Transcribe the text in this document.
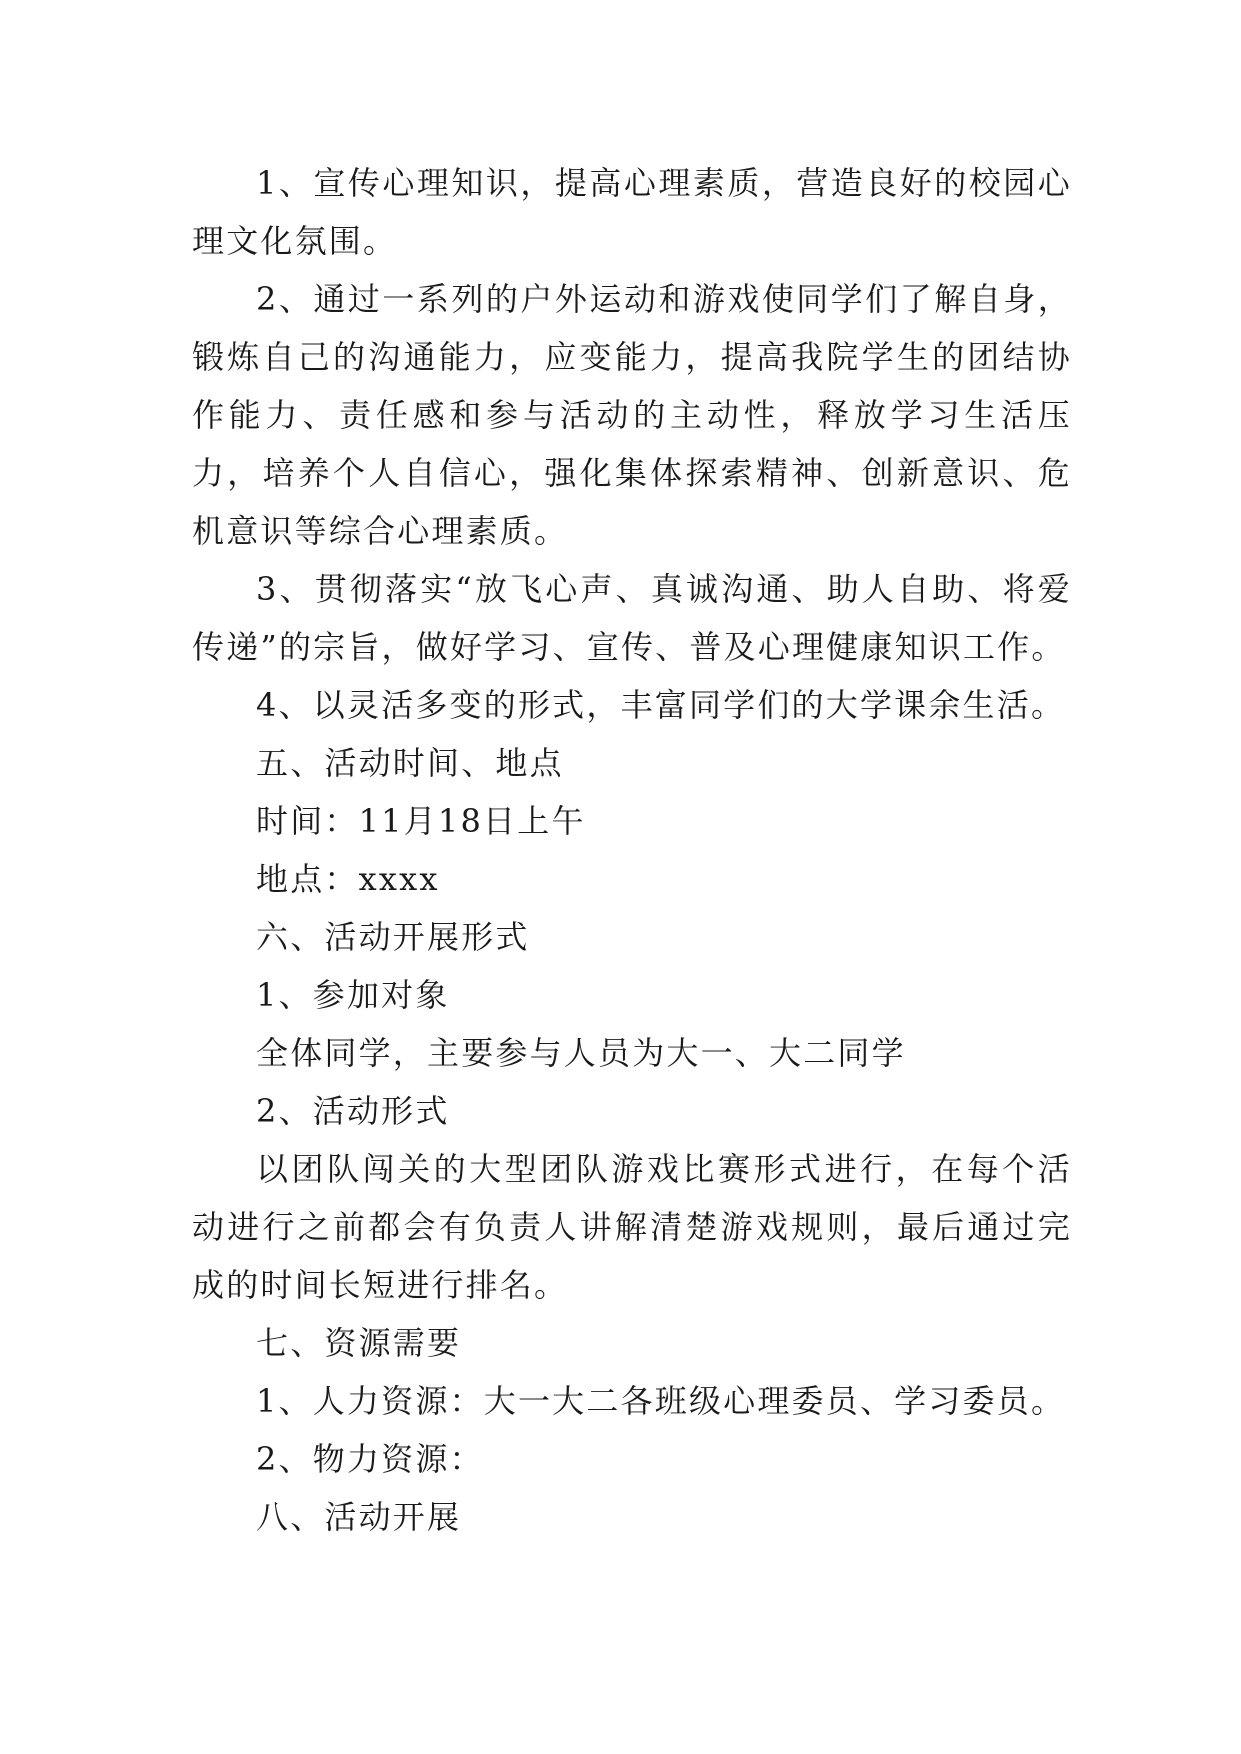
1、宣传心理知识，提高心理素质，营造良好的校园心理文化氛围。

2、通过一系列的户外运动和游戏使同学们了解自身，锻炼自己的沟通能力，应变能力，提高我院学生的团结协作能力、责任感和参与活动的主动性，释放学习生活压力，培养个人自信心，强化集体探索精神、创新意识、危机意识等综合心理素质。

3、贯彻落实“放飞心声、真诚沟通、助人自助、将爱传递”的宗旨，做好学习、宣传、普及心理健康知识工作。

4、以灵活多变的形式，丰富同学们的大学课余生活。

五、活动时间、地点

时间：11月18日上午

地点：xxxx

六、活动开展形式

1、参加对象

全体同学，主要参与人员为大一、大二同学

2、活动形式

以团队闯关的大型团队游戏比赛形式进行，在每个活动进行之前都会有负责人讲解清楚游戏规则，最后通过完成的时间长短进行排名。

七、资源需要

1、人力资源：大一大二各班级心理委员、学习委员。

2、物力资源：

八、活动开展
